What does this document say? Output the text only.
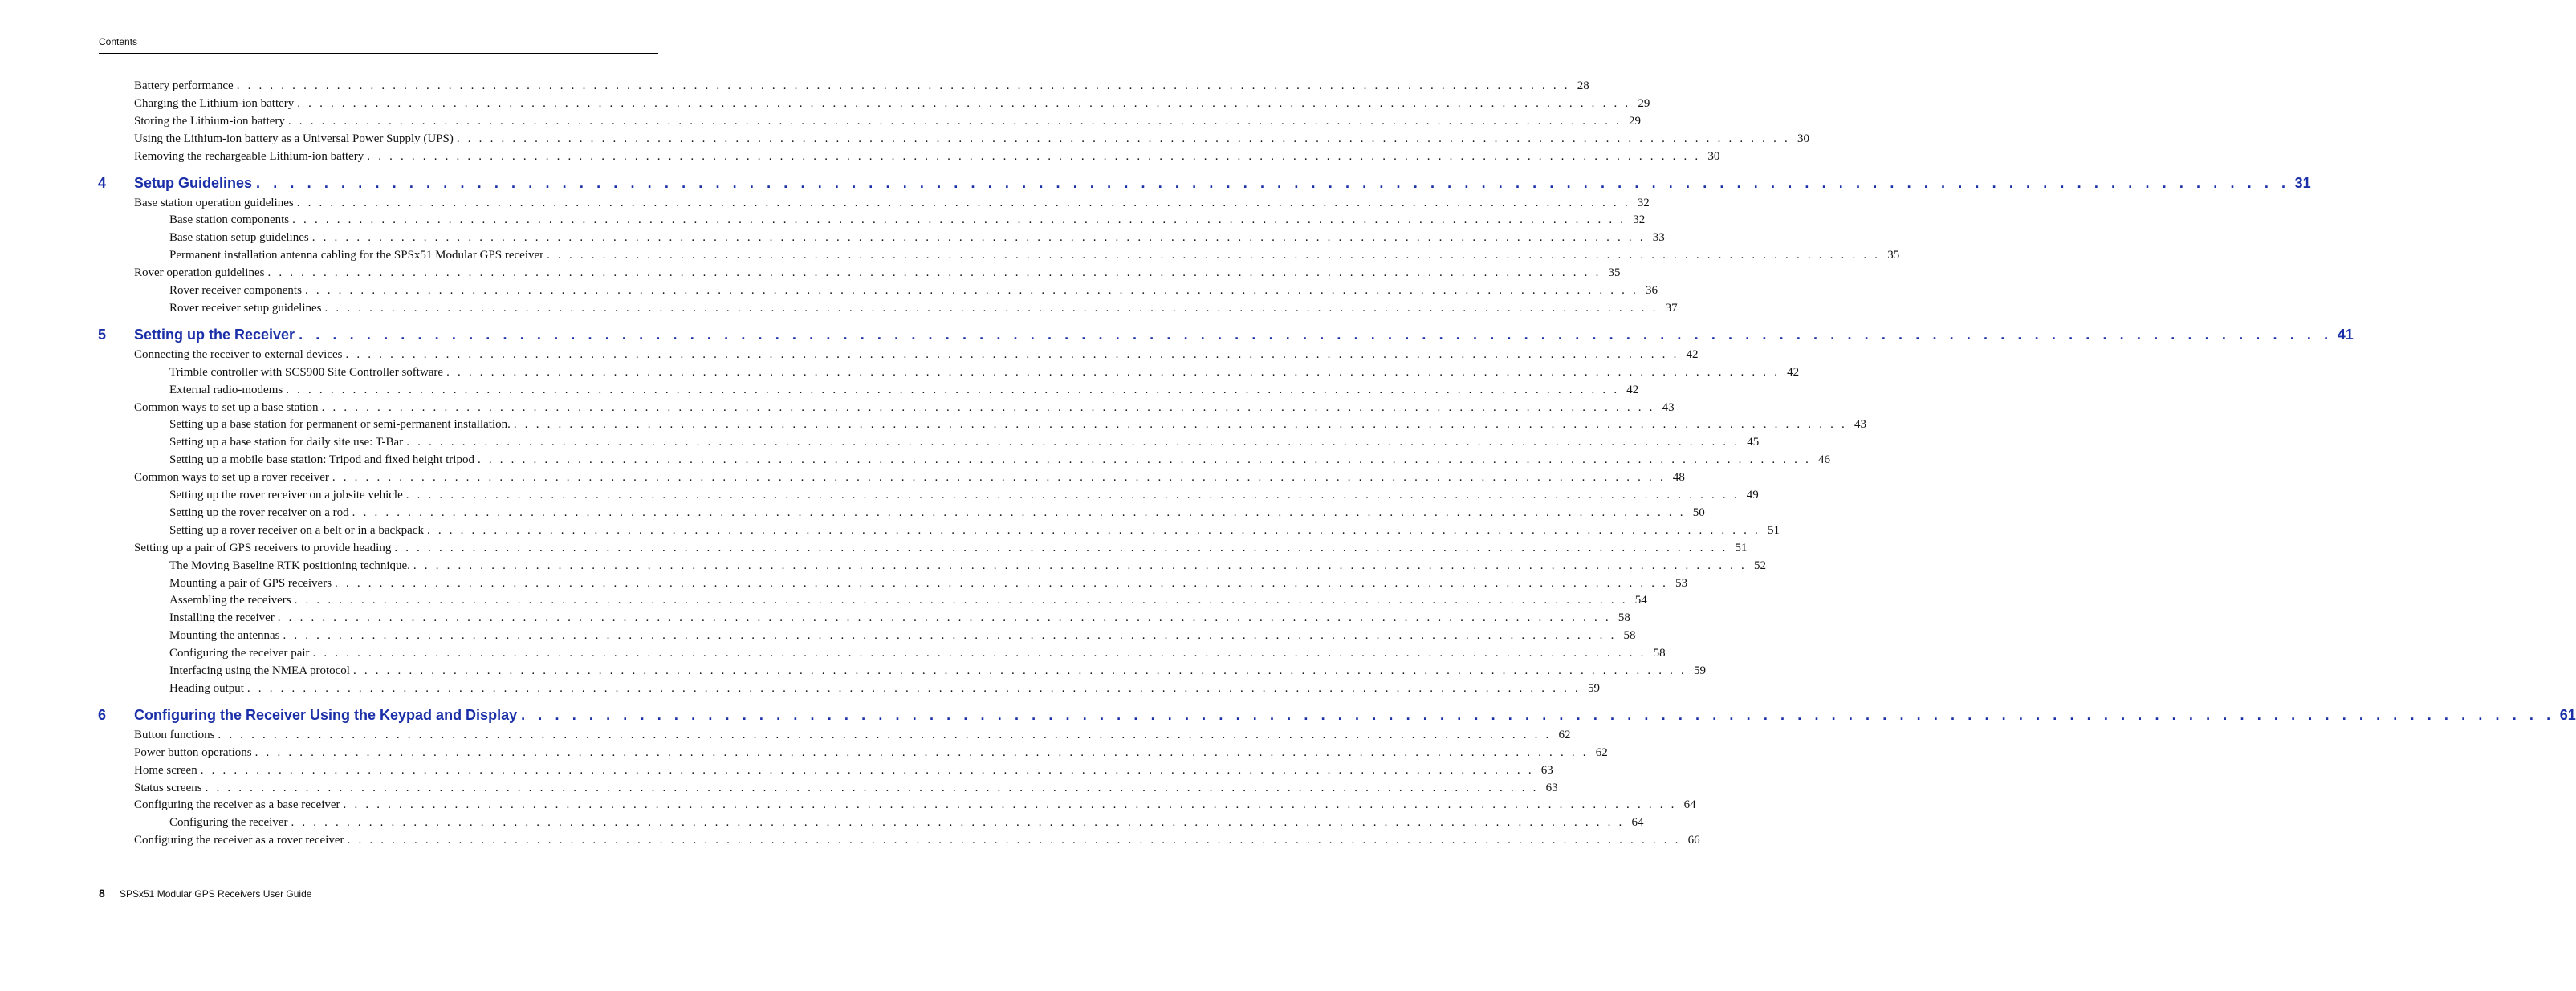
Contents
Battery performance . . . . . . . . . . . . . . . . . . . . . . . . . . . . . . . . . . . . . . . . . . . . . . . . . . . . . . . . . . . . . . . . . . . . . . . . . . . . . . . . . . . . . . . . . . . . . . . . . . . . . . . . . . . . . . . . . . . . . . . . 28
Charging the Lithium-ion battery . . . . . . . . . . . . . . . . . . . . . . . . . . . . . . . . . . . . . . . . . . . . . . . . . . . . . . . . . . . . . . . . . . . . . . . . . . . . . . . . . . . . . . . . . . . . . . . . . . . . . . . . . . . . . . . . . . . . . . . . 29
Storing the Lithium-ion battery . . . . . . . . . . . . . . . . . . . . . . . . . . . . . . . . . . . . . . . . . . . . . . . . . . . . . . . . . . . . . . . . . . . . . . . . . . . . . . . . . . . . . . . . . . . . . . . . . . . . . . . . . . . . . . . . . . . . . . . . 29
Using the Lithium-ion battery as a Universal Power Supply (UPS) . . . . . . . . . . . . . . . . . . . . . . . . . . . . . . . . . . . . . . . . . . . . . . . . . . . . . . . . . . . . . . . . . . . . . . . . . . . . . . . . . . . . . . . . . . . . . . . . . . . . . . . . . . . . . . . . . . . . . . . . 30
Removing the rechargeable Lithium-ion battery . . . . . . . . . . . . . . . . . . . . . . . . . . . . . . . . . . . . . . . . . . . . . . . . . . . . . . . . . . . . . . . . . . . . . . . . . . . . . . . . . . . . . . . . . . . . . . . . . . . . . . . . . . . . . . . . . . . . . . . . 30
4	Setup Guidelines . . . . . . . . . . . . . . . . . . . . . . . . . . . . . . . . . . . . . . . . . . . . . . . . . . . . . . . . . . . . . . . . . . . . . . . . . . . . . . . . . . . . . . . . . . . . . . . . . . . . . . . . . . . . . . . . . . . . . . . . 31
Base station operation guidelines . . . . . . . . . . . . . . . . . . . . . . . . . . . . . . . . . . . . . . . . . . . . . . . . . . . . . . . . . . . . . . . . . . . . . . . . . . . . . . . . . . . . . . . . . . . . . . . . . . . . . . . . . . . . . . . . . . . . . . . . 32
Base station components . . . . . . . . . . . . . . . . . . . . . . . . . . . . . . . . . . . . . . . . . . . . . . . . . . . . . . . . . . . . . . . . . . . . . . . . . . . . . . . . . . . . . . . . . . . . . . . . . . . . . . . . . . . . . . . . . . . . . . . . 32
Base station setup guidelines . . . . . . . . . . . . . . . . . . . . . . . . . . . . . . . . . . . . . . . . . . . . . . . . . . . . . . . . . . . . . . . . . . . . . . . . . . . . . . . . . . . . . . . . . . . . . . . . . . . . . . . . . . . . . . . . . . . . . . . . 33
Permanent installation antenna cabling for the SPSx51 Modular GPS receiver . . . . . . . . . . . . . . . . . . . . . . . . . . . . . . . . . . . . . . . . . . . . . . . . . . . . . . . . . . . . . . . . . . . . . . . . . . . . . . . . . . . . . . . . . . . . . . . . . . . . . . . . . . . . . . . . . . . . . . . . 35
Rover operation guidelines . . . . . . . . . . . . . . . . . . . . . . . . . . . . . . . . . . . . . . . . . . . . . . . . . . . . . . . . . . . . . . . . . . . . . . . . . . . . . . . . . . . . . . . . . . . . . . . . . . . . . . . . . . . . . . . . . . . . . . . . 35
Rover receiver components . . . . . . . . . . . . . . . . . . . . . . . . . . . . . . . . . . . . . . . . . . . . . . . . . . . . . . . . . . . . . . . . . . . . . . . . . . . . . . . . . . . . . . . . . . . . . . . . . . . . . . . . . . . . . . . . . . . . . . . . 36
Rover receiver setup guidelines . . . . . . . . . . . . . . . . . . . . . . . . . . . . . . . . . . . . . . . . . . . . . . . . . . . . . . . . . . . . . . . . . . . . . . . . . . . . . . . . . . . . . . . . . . . . . . . . . . . . . . . . . . . . . . . . . . . . . . . . 37
5	Setting up the Receiver . . . . . . . . . . . . . . . . . . . . . . . . . . . . . . . . . . . . . . . . . . . . . . . . . . . . . . . . . . . . . . . . . . . . . . . . . . . . . . . . . . . . . . . . . . . . . . . . . . . . . . . . . . . . . . . . . . . . . . . . 41
Connecting the receiver to external devices . . . . . . . . . . . . . . . . . . . . . . . . . . . . . . . . . . . . . . . . . . . . . . . . . . . . . . . . . . . . . . . . . . . . . . . . . . . . . . . . . . . . . . . . . . . . . . . . . . . . . . . . . . . . . . . . . . . . . . . . 42
Trimble controller with SCS900 Site Controller software . . . . . . . . . . . . . . . . . . . . . . . . . . . . . . . . . . . . . . . . . . . . . . . . . . . . . . . . . . . . . . . . . . . . . . . . . . . . . . . . . . . . . . . . . . . . . . . . . . . . . . . . . . . . . . . . . . . . . . . . 42
External radio-modems . . . . . . . . . . . . . . . . . . . . . . . . . . . . . . . . . . . . . . . . . . . . . . . . . . . . . . . . . . . . . . . . . . . . . . . . . . . . . . . . . . . . . . . . . . . . . . . . . . . . . . . . . . . . . . . . . . . . . . . . 42
Common ways to set up a base station . . . . . . . . . . . . . . . . . . . . . . . . . . . . . . . . . . . . . . . . . . . . . . . . . . . . . . . . . . . . . . . . . . . . . . . . . . . . . . . . . . . . . . . . . . . . . . . . . . . . . . . . . . . . . . . . . . . . . . . . 43
Setting up a base station for permanent or semi-permanent installation. . . . . . . . . . . . . . . . . . . . . . . . . . . . . . . . . . . . . . . . . . . . . . . . . . . . . . . . . . . . . . . . . . . . . . . . . . . . . . . . . . . . . . . . . . . . . . . . . . . . . . . . . . . . . . . . . . . . . . . . . 43
Setting up a base station for daily site use: T-Bar . . . . . . . . . . . . . . . . . . . . . . . . . . . . . . . . . . . . . . . . . . . . . . . . . . . . . . . . . . . . . . . . . . . . . . . . . . . . . . . . . . . . . . . . . . . . . . . . . . . . . . . . . . . . . . . . . . . . . . . . 45
Setting up a mobile base station: Tripod and fixed height tripod . . . . . . . . . . . . . . . . . . . . . . . . . . . . . . . . . . . . . . . . . . . . . . . . . . . . . . . . . . . . . . . . . . . . . . . . . . . . . . . . . . . . . . . . . . . . . . . . . . . . . . . . . . . . . . . . . . . . . . . . 46
Common ways to set up a rover receiver . . . . . . . . . . . . . . . . . . . . . . . . . . . . . . . . . . . . . . . . . . . . . . . . . . . . . . . . . . . . . . . . . . . . . . . . . . . . . . . . . . . . . . . . . . . . . . . . . . . . . . . . . . . . . . . . . . . . . . . . 48
Setting up the rover receiver on a jobsite vehicle . . . . . . . . . . . . . . . . . . . . . . . . . . . . . . . . . . . . . . . . . . . . . . . . . . . . . . . . . . . . . . . . . . . . . . . . . . . . . . . . . . . . . . . . . . . . . . . . . . . . . . . . . . . . . . . . . . . . . . . . 49
Setting up the rover receiver on a rod . . . . . . . . . . . . . . . . . . . . . . . . . . . . . . . . . . . . . . . . . . . . . . . . . . . . . . . . . . . . . . . . . . . . . . . . . . . . . . . . . . . . . . . . . . . . . . . . . . . . . . . . . . . . . . . . . . . . . . . . 50
Setting up a rover receiver on a belt or in a backpack . . . . . . . . . . . . . . . . . . . . . . . . . . . . . . . . . . . . . . . . . . . . . . . . . . . . . . . . . . . . . . . . . . . . . . . . . . . . . . . . . . . . . . . . . . . . . . . . . . . . . . . . . . . . . . . . . . . . . . . . 51
Setting up a pair of GPS receivers to provide heading . . . . . . . . . . . . . . . . . . . . . . . . . . . . . . . . . . . . . . . . . . . . . . . . . . . . . . . . . . . . . . . . . . . . . . . . . . . . . . . . . . . . . . . . . . . . . . . . . . . . . . . . . . . . . . . . . . . . . . . . 51
The Moving Baseline RTK positioning technique. . . . . . . . . . . . . . . . . . . . . . . . . . . . . . . . . . . . . . . . . . . . . . . . . . . . . . . . . . . . . . . . . . . . . . . . . . . . . . . . . . . . . . . . . . . . . . . . . . . . . . . . . . . . . . . . . . . . . . . . . 52
Mounting a pair of GPS receivers . . . . . . . . . . . . . . . . . . . . . . . . . . . . . . . . . . . . . . . . . . . . . . . . . . . . . . . . . . . . . . . . . . . . . . . . . . . . . . . . . . . . . . . . . . . . . . . . . . . . . . . . . . . . . . . . . . . . . . . . 53
Assembling the receivers . . . . . . . . . . . . . . . . . . . . . . . . . . . . . . . . . . . . . . . . . . . . . . . . . . . . . . . . . . . . . . . . . . . . . . . . . . . . . . . . . . . . . . . . . . . . . . . . . . . . . . . . . . . . . . . . . . . . . . . . 54
Installing the receiver . . . . . . . . . . . . . . . . . . . . . . . . . . . . . . . . . . . . . . . . . . . . . . . . . . . . . . . . . . . . . . . . . . . . . . . . . . . . . . . . . . . . . . . . . . . . . . . . . . . . . . . . . . . . . . . . . . . . . . . . 58
Mounting the antennas . . . . . . . . . . . . . . . . . . . . . . . . . . . . . . . . . . . . . . . . . . . . . . . . . . . . . . . . . . . . . . . . . . . . . . . . . . . . . . . . . . . . . . . . . . . . . . . . . . . . . . . . . . . . . . . . . . . . . . . . 58
Configuring the receiver pair . . . . . . . . . . . . . . . . . . . . . . . . . . . . . . . . . . . . . . . . . . . . . . . . . . . . . . . . . . . . . . . . . . . . . . . . . . . . . . . . . . . . . . . . . . . . . . . . . . . . . . . . . . . . . . . . . . . . . . . . 58
Interfacing using the NMEA protocol . . . . . . . . . . . . . . . . . . . . . . . . . . . . . . . . . . . . . . . . . . . . . . . . . . . . . . . . . . . . . . . . . . . . . . . . . . . . . . . . . . . . . . . . . . . . . . . . . . . . . . . . . . . . . . . . . . . . . . . . 59
Heading output . . . . . . . . . . . . . . . . . . . . . . . . . . . . . . . . . . . . . . . . . . . . . . . . . . . . . . . . . . . . . . . . . . . . . . . . . . . . . . . . . . . . . . . . . . . . . . . . . . . . . . . . . . . . . . . . . . . . . . . . 59
6	Configuring the Receiver Using the Keypad and Display . . . . . . . . . . . . . . . . . . . . . . . . . . . . . . . . . . . . . . . . . . . . . . . . . . . . . . . . . . . . . . . . . . . . . . . . . . . . . . . . . . . . . . . . . . . . . . . . . . . . . . . . . . . . . . . . . . . . . . . . 61
Button functions . . . . . . . . . . . . . . . . . . . . . . . . . . . . . . . . . . . . . . . . . . . . . . . . . . . . . . . . . . . . . . . . . . . . . . . . . . . . . . . . . . . . . . . . . . . . . . . . . . . . . . . . . . . . . . . . . . . . . . . . 62
Power button operations . . . . . . . . . . . . . . . . . . . . . . . . . . . . . . . . . . . . . . . . . . . . . . . . . . . . . . . . . . . . . . . . . . . . . . . . . . . . . . . . . . . . . . . . . . . . . . . . . . . . . . . . . . . . . . . . . . . . . . . . 62
Home screen . . . . . . . . . . . . . . . . . . . . . . . . . . . . . . . . . . . . . . . . . . . . . . . . . . . . . . . . . . . . . . . . . . . . . . . . . . . . . . . . . . . . . . . . . . . . . . . . . . . . . . . . . . . . . . . . . . . . . . . . 63
Status screens . . . . . . . . . . . . . . . . . . . . . . . . . . . . . . . . . . . . . . . . . . . . . . . . . . . . . . . . . . . . . . . . . . . . . . . . . . . . . . . . . . . . . . . . . . . . . . . . . . . . . . . . . . . . . . . . . . . . . . . . 63
Configuring the receiver as a base receiver . . . . . . . . . . . . . . . . . . . . . . . . . . . . . . . . . . . . . . . . . . . . . . . . . . . . . . . . . . . . . . . . . . . . . . . . . . . . . . . . . . . . . . . . . . . . . . . . . . . . . . . . . . . . . . . . . . . . . . . . 64
Configuring the receiver . . . . . . . . . . . . . . . . . . . . . . . . . . . . . . . . . . . . . . . . . . . . . . . . . . . . . . . . . . . . . . . . . . . . . . . . . . . . . . . . . . . . . . . . . . . . . . . . . . . . . . . . . . . . . . . . . . . . . . . . 64
Configuring the receiver as a rover receiver . . . . . . . . . . . . . . . . . . . . . . . . . . . . . . . . . . . . . . . . . . . . . . . . . . . . . . . . . . . . . . . . . . . . . . . . . . . . . . . . . . . . . . . . . . . . . . . . . . . . . . . . . . . . . . . . . . . . . . . . 66
8	SPSx51 Modular GPS Receivers User Guide
